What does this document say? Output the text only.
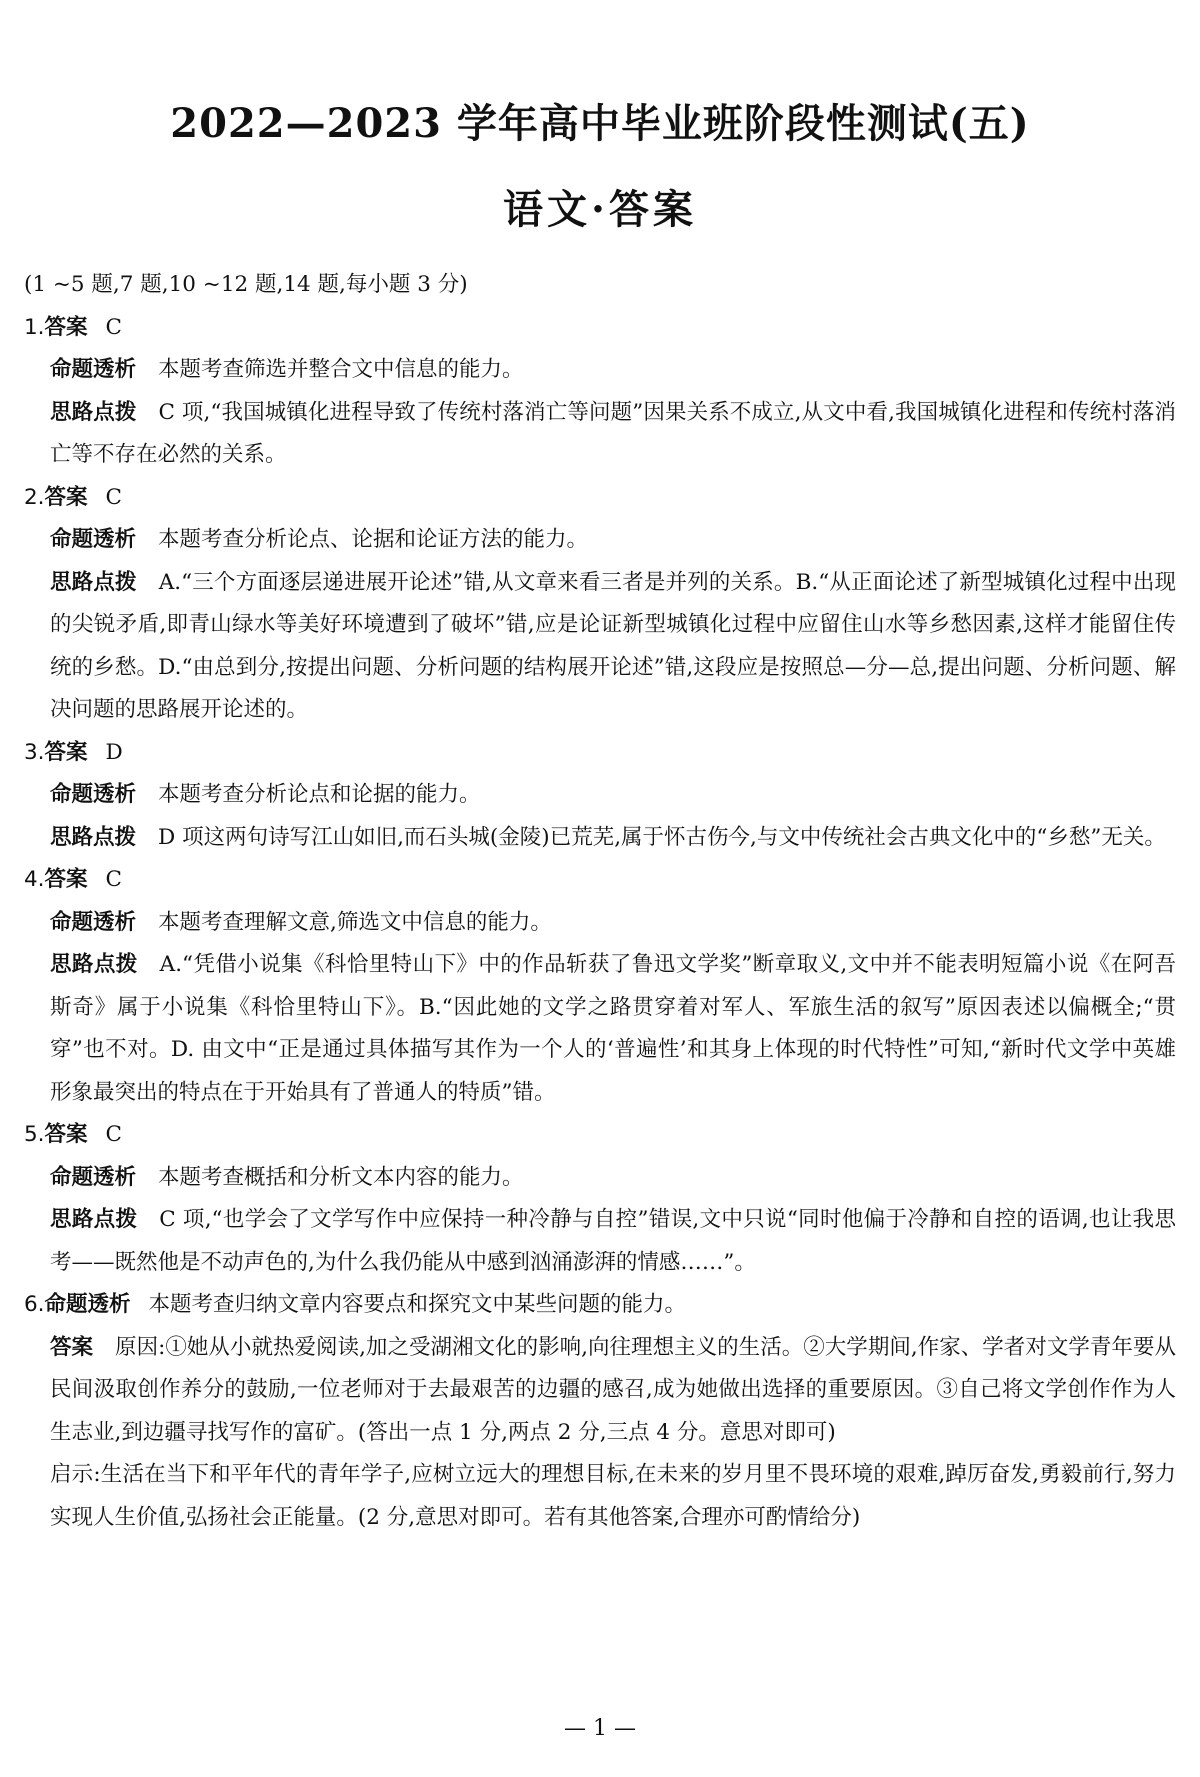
2022—2023 学年高中毕业班阶段性测试(五)
语文·答案

(1 ~5 题,7 题,10 ~12 题,14 题,每小题 3 分)

1.答案 C

命题透析 本题考查筛选并整合文中信息的能力。

思路点拨 C 项,“我国城镇化进程导致了传统村落消亡等问题”因果关系不成立,从文中看,我国城镇化进程和传统村落消亡等不存在必然的关系。

2.答案 C

命题透析 本题考查分析论点、论据和论证方法的能力。

思路点拨 A.“三个方面逐层递进展开论述”错,从文章来看三者是并列的关系。B.“从正面论述了新型城镇化过程中出现的尖锐矛盾,即青山绿水等美好环境遭到了破坏”错,应是论证新型城镇化过程中应留住山水等乡愁因素,这样才能留住传统的乡愁。D.“由总到分,按提出问题、分析问题的结构展开论述”错,这段应是按照总—分—总,提出问题、分析问题、解决问题的思路展开论述的。

3.答案 D

命题透析 本题考查分析论点和论据的能力。

思路点拨 D 项这两句诗写江山如旧,而石头城(金陵)已荒芜,属于怀古伤今,与文中传统社会古典文化中的“乡愁”无关。

4.答案 C

命题透析 本题考查理解文意,筛选文中信息的能力。

思路点拨 A.“凭借小说集《科恰里特山下》中的作品斩获了鲁迅文学奖”断章取义,文中并不能表明短篇小说《在阿吾斯奇》属于小说集《科恰里特山下》。B.“因此她的文学之路贯穿着对军人、军旅生活的叙写”原因表述以偏概全;“贯穿”也不对。D. 由文中“正是通过具体描写其作为一个人的‘普遍性’和其身上体现的时代特性”可知,“新时代文学中英雄形象最突出的特点在于开始具有了普通人的特质”错。

5.答案 C

命题透析 本题考查概括和分析文本内容的能力。

思路点拨 C 项,“也学会了文学写作中应保持一种冷静与自控”错误,文中只说“同时他偏于冷静和自控的语调,也让我思考——既然他是不动声色的,为什么我仍能从中感到汹涌澎湃的情感……”。

6.命题透析 本题考查归纳文章内容要点和探究文中某些问题的能力。

答案 原因:①她从小就热爱阅读,加之受湖湘文化的影响,向往理想主义的生活。②大学期间,作家、学者对文学青年要从民间汲取创作养分的鼓励,一位老师对于去最艰苦的边疆的感召,成为她做出选择的重要原因。③自己将文学创作作为人生志业,到边疆寻找写作的富矿。(答出一点 1 分,两点 2 分,三点 4 分。意思对即可)

启示:生活在当下和平年代的青年学子,应树立远大的理想目标,在未来的岁月里不畏环境的艰难,踔厉奋发,勇毅前行,努力实现人生价值,弘扬社会正能量。(2 分,意思对即可。若有其他答案,合理亦可酌情给分)

— 1 —
